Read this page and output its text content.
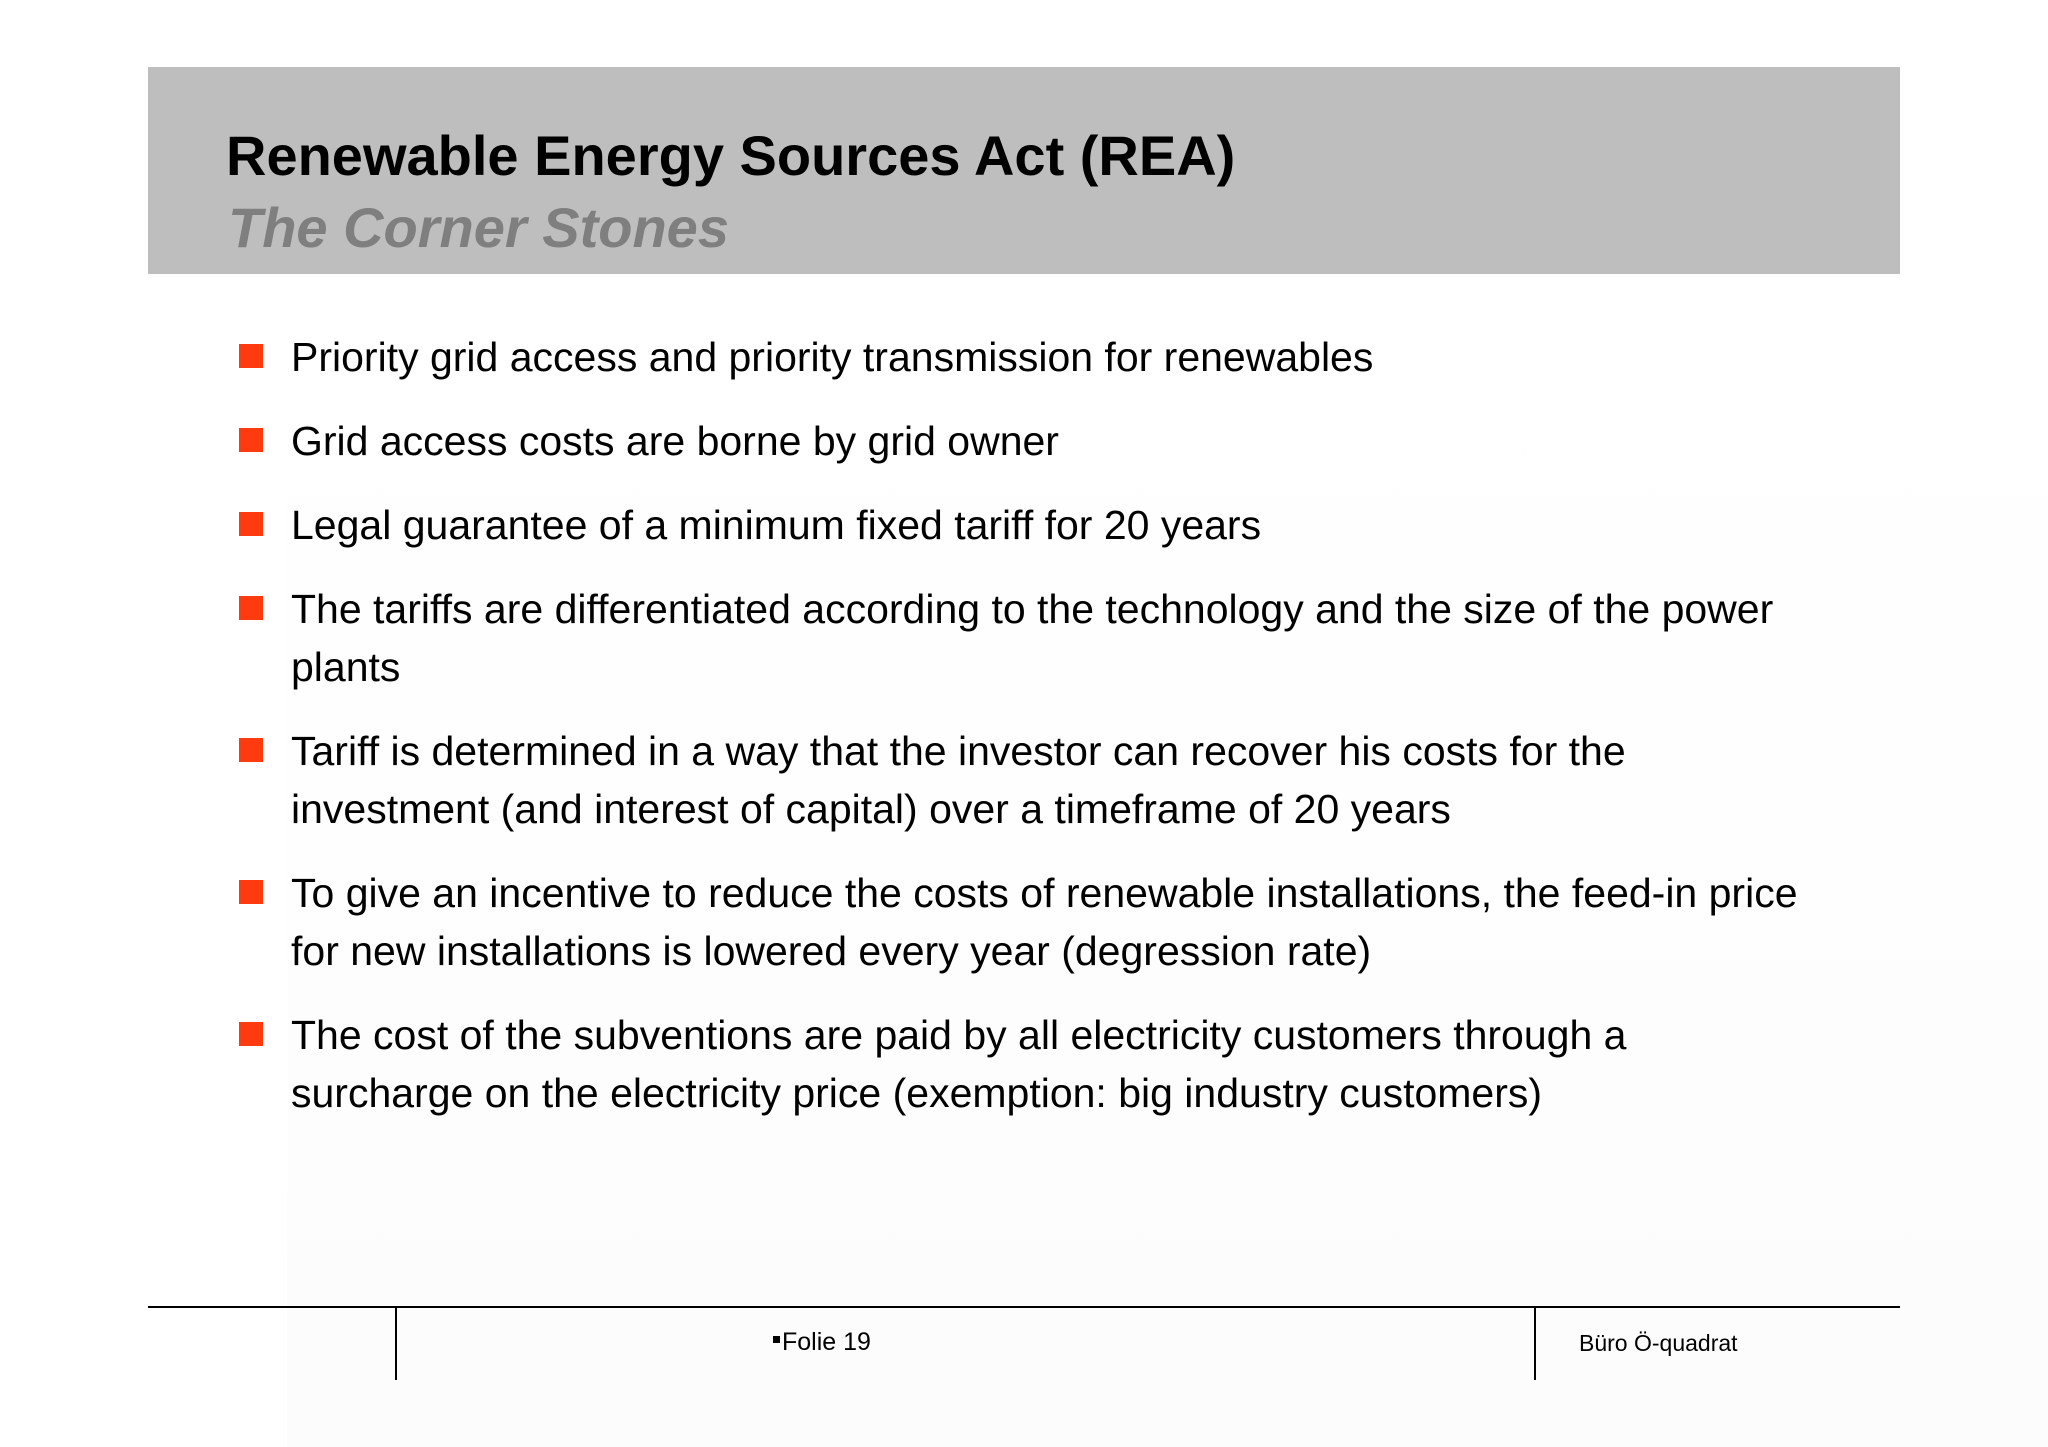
Renewable Energy Sources Act (REA)
The Corner Stones
Priority grid access and priority transmission for renewables
Grid access costs are borne by grid owner
Legal guarantee of a minimum fixed tariff for 20 years
The tariffs are differentiated according to the technology and the size of the power plants
Tariff is determined in a way that the investor can recover his costs for the investment (and interest of capital) over a timeframe of 20 years
To give an incentive to reduce the costs of renewable installations, the feed-in price for new installations is lowered every year (degression rate)
The cost of the subventions are paid by all electricity customers through a surcharge on the electricity price (exemption: big industry customers)
Folie 19	Büro Ö-quadrat
